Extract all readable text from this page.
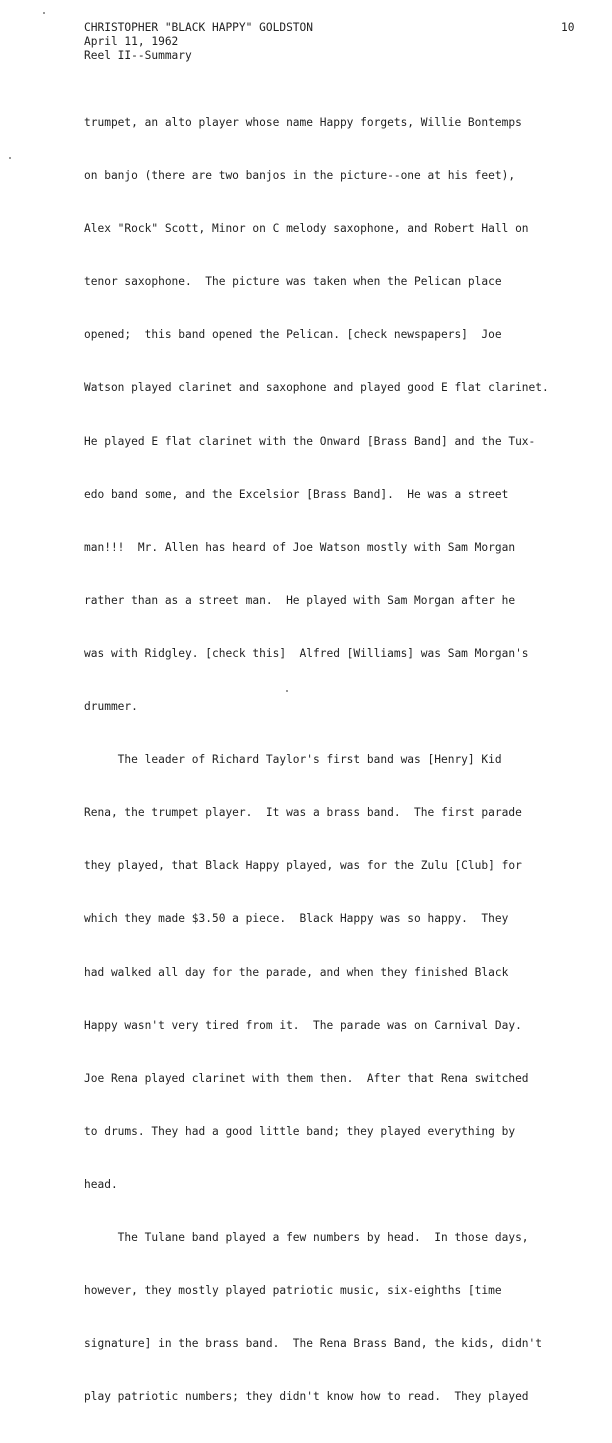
CHRISTOPHER "BLACK HAPPY" GOLDSTON
April 11, 1962
Reel II--Summary
10

trumpet, an alto player whose name Happy forgets, Willie Bontemps

on banjo (there are two banjos in the picture--one at his feet),

Alex "Rock" Scott, Minor on C melody saxophone, and Robert Hall on

tenor saxophone.  The picture was taken when the Pelican place

opened;  this band opened the Pelican. [check newspapers]  Joe

Watson played clarinet and saxophone and played good E flat clarinet.

He played E flat clarinet with the Onward [Brass Band] and the Tux-

edo band some, and the Excelsior [Brass Band].  He was a street

man!!!  Mr. Allen has heard of Joe Watson mostly with Sam Morgan

rather than as a street man.  He played with Sam Morgan after he

was with Ridgley. [check this]  Alfred [Williams] was Sam Morgan's

drummer.

The leader of Richard Taylor's first band was [Henry] Kid

Rena, the trumpet player.  It was a brass band.  The first parade

they played, that Black Happy played, was for the Zulu [Club] for

which they made $3.50 a piece.  Black Happy was so happy.  They

had walked all day for the parade, and when they finished Black

Happy wasn't very tired from it.  The parade was on Carnival Day.

Joe Rena played clarinet with them then.  After that Rena switched

to drums. They had a good little band; they played everything by

head.

The Tulane band played a few numbers by head.  In those days,

however, they mostly played patriotic music, six-eighths [time

signature] in the brass band.  The Rena Brass Band, the kids, didn't

play patriotic numbers; they didn't know how to read.  They played
